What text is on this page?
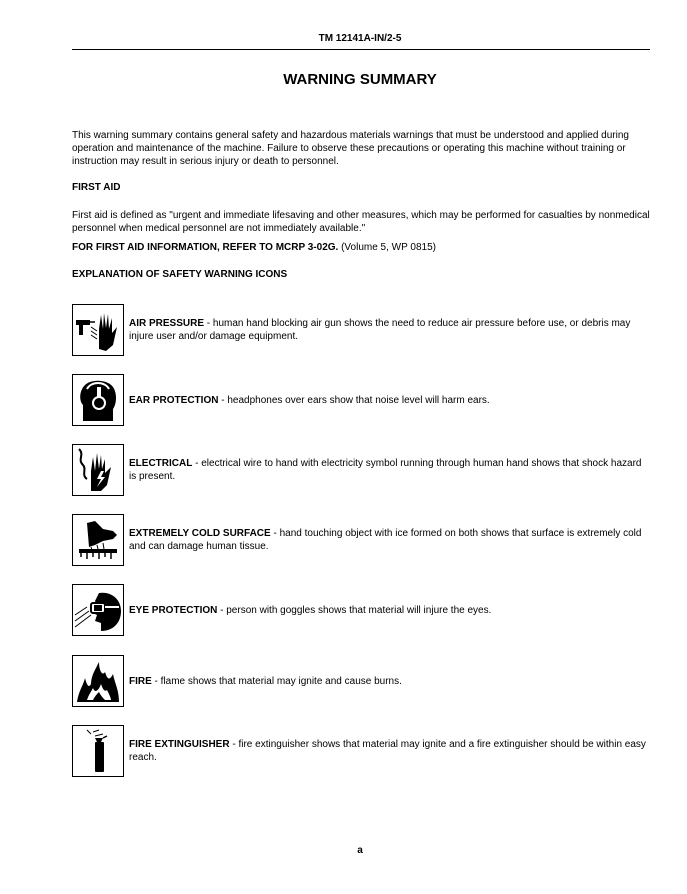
TM 12141A-IN/2-5
WARNING SUMMARY
This warning summary contains general safety and hazardous materials warnings that must be understood and applied during operation and maintenance of the machine. Failure to observe these precautions or operating this machine without training or instruction may result in serious injury or death to personnel.
FIRST AID
First aid is defined as "urgent and immediate lifesaving and other measures, which may be performed for casualties by nonmedical personnel when medical personnel are not immediately available."
FOR FIRST AID INFORMATION, REFER TO MCRP 3-02G. (Volume 5, WP 0815)
EXPLANATION OF SAFETY WARNING ICONS
AIR PRESSURE - human hand blocking air gun shows the need to reduce air pressure before use, or debris may injure user and/or damage equipment.
EAR PROTECTION - headphones over ears show that noise level will harm ears.
ELECTRICAL - electrical wire to hand with electricity symbol running through human hand shows that shock hazard is present.
EXTREMELY COLD SURFACE - hand touching object with ice formed on both shows that surface is extremely cold and can damage human tissue.
EYE PROTECTION - person with goggles shows that material will injure the eyes.
FIRE - flame shows that material may ignite and cause burns.
FIRE EXTINGUISHER - fire extinguisher shows that material may ignite and a fire extinguisher should be within easy reach.
a
